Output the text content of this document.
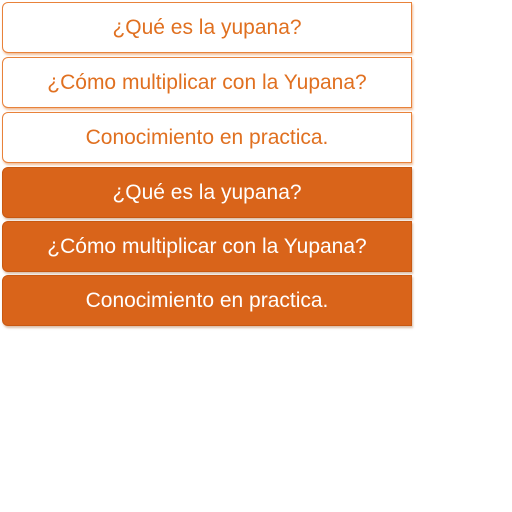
¿Qué es la yupana?
¿Cómo multiplicar con la Yupana?
Conocimiento en practica.
¿Qué es la yupana?
¿Cómo multiplicar con la Yupana?
Conocimiento en practica.
